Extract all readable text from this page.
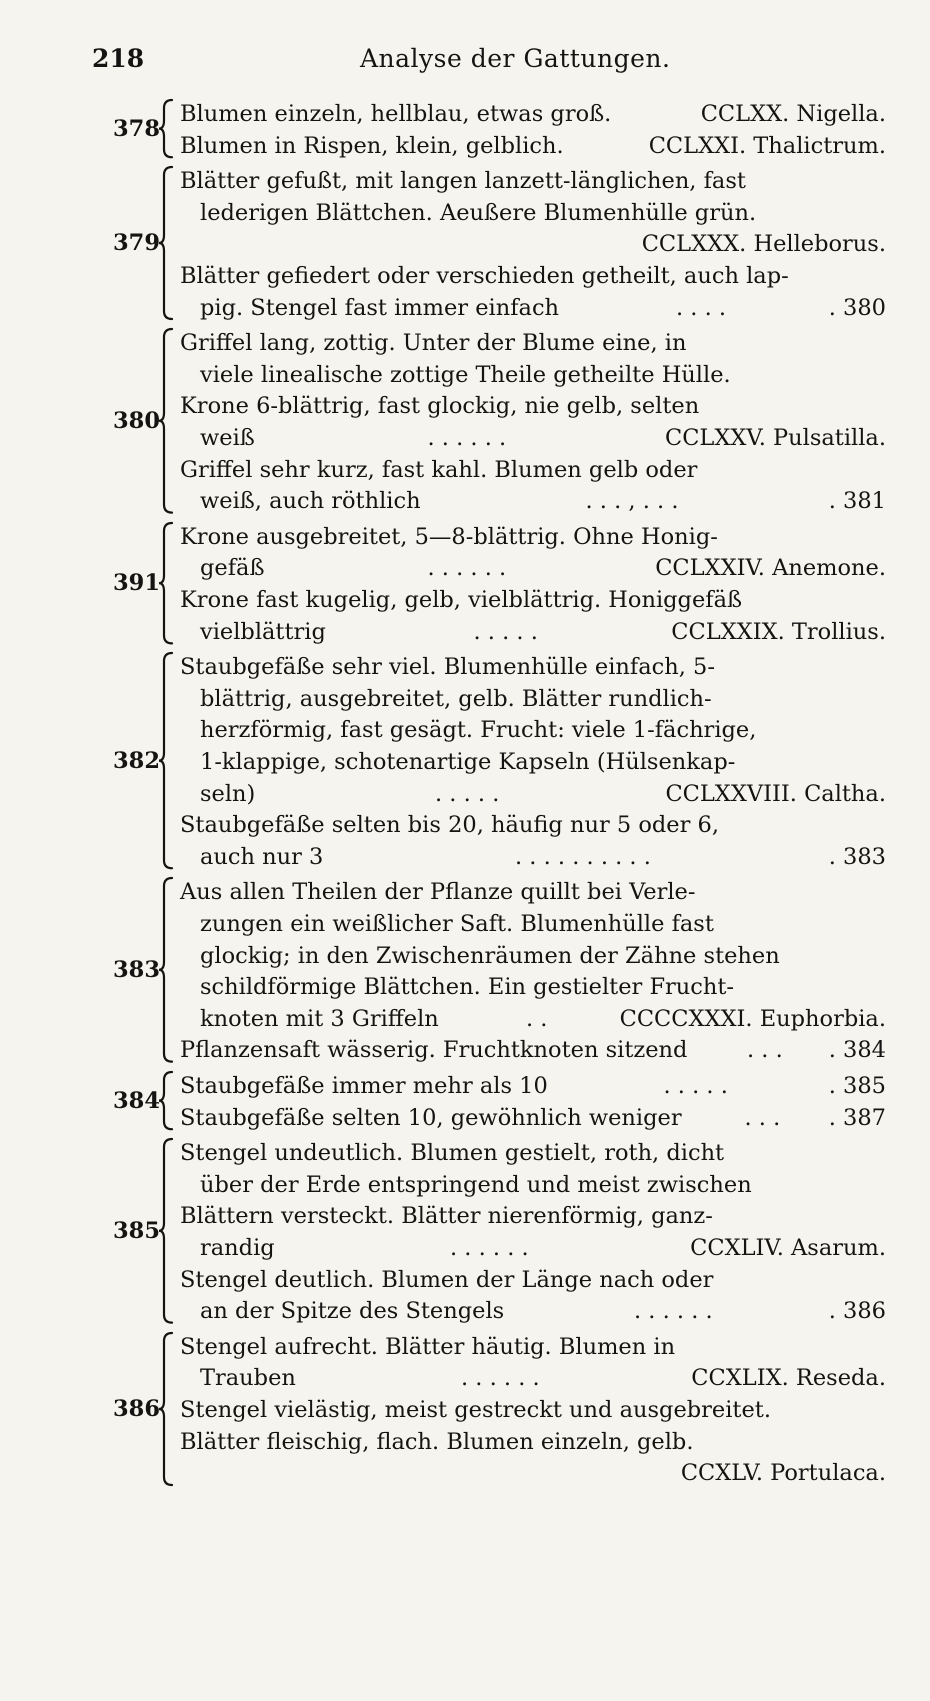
218	Analyse der Gattungen.
Blumen einzeln, hellblau, etwas groß.	CCLXX. Nigella.
Blumen in Rispen, klein, gelblich.	CCLXXI. Thalictrum.
378
Blätter gefußt, mit langen lanzett-länglichen, fast
lederigen Blättchen. Aeußere Blumenhülle grün.
CCLXXX. Helleborus.
Blätter gefiedert oder verschieden getheilt, auch lap-
pig. Stengel fast immer einfach	. . . .	. 380
379
Griffel lang, zottig. Unter der Blume eine, in
viele linealische zottige Theile getheilte Hülle.
Krone 6-blättrig, fast glockig, nie gelb, selten
weiß	. . . . . .	CCLXXV. Pulsatilla.
Griffel sehr kurz, fast kahl. Blumen gelb oder
weiß, auch röthlich	. . . , . . .	. 381
380
Krone ausgebreitet, 5—8-blättrig. Ohne Honig-
gefäß	. . . . . .	CCLXXIV. Anemone.
Krone fast kugelig, gelb, vielblättrig. Honiggefäß
vielblättrig	. . . . .	CCLXXIX. Trollius.
391
Staubgefäße sehr viel. Blumenhülle einfach, 5-
blättrig, ausgebreitet, gelb. Blätter rundlich-
herzförmig, fast gesägt. Frucht: viele 1-fächrige,
1-klappige, schotenartige Kapseln (Hülsenkap-
seln)	. . . . .	CCLXXVIII. Caltha.
Staubgefäße selten bis 20, häufig nur 5 oder 6,
auch nur 3	. . . . . . . . . .	. 383
382
Aus allen Theilen der Pflanze quillt bei Verle-
zungen ein weißlicher Saft. Blumenhülle fast
glockig; in den Zwischenräumen der Zähne stehen
schildförmige Blättchen. Ein gestielter Frucht-
knoten mit 3 Griffeln	. .	CCCCXXXI. Euphorbia.
Pflanzensaft wässerig. Fruchtknoten sitzend	. . . . 384
383
Staubgefäße immer mehr als 10	. . . . .	. 385
Staubgefäße selten 10, gewöhnlich weniger	. . . . 387
384
Stengel undeutlich. Blumen gestielt, roth, dicht
über der Erde entspringend und meist zwischen
Blättern versteckt. Blätter nierenförmig, ganz-
randig	. . . . . .	CCXLIV. Asarum.
Stengel deutlich. Blumen der Länge nach oder
an der Spitze des Stengels	. . . . . .	. 386
385
Stengel aufrecht. Blätter häutig. Blumen in
Trauben	. . . . . .	CCXLIX. Reseda.
Stengel vielästig, meist gestreckt und ausgebreitet.
Blätter fleischig, flach. Blumen einzeln, gelb.
CCXLV. Portulaca.
386
